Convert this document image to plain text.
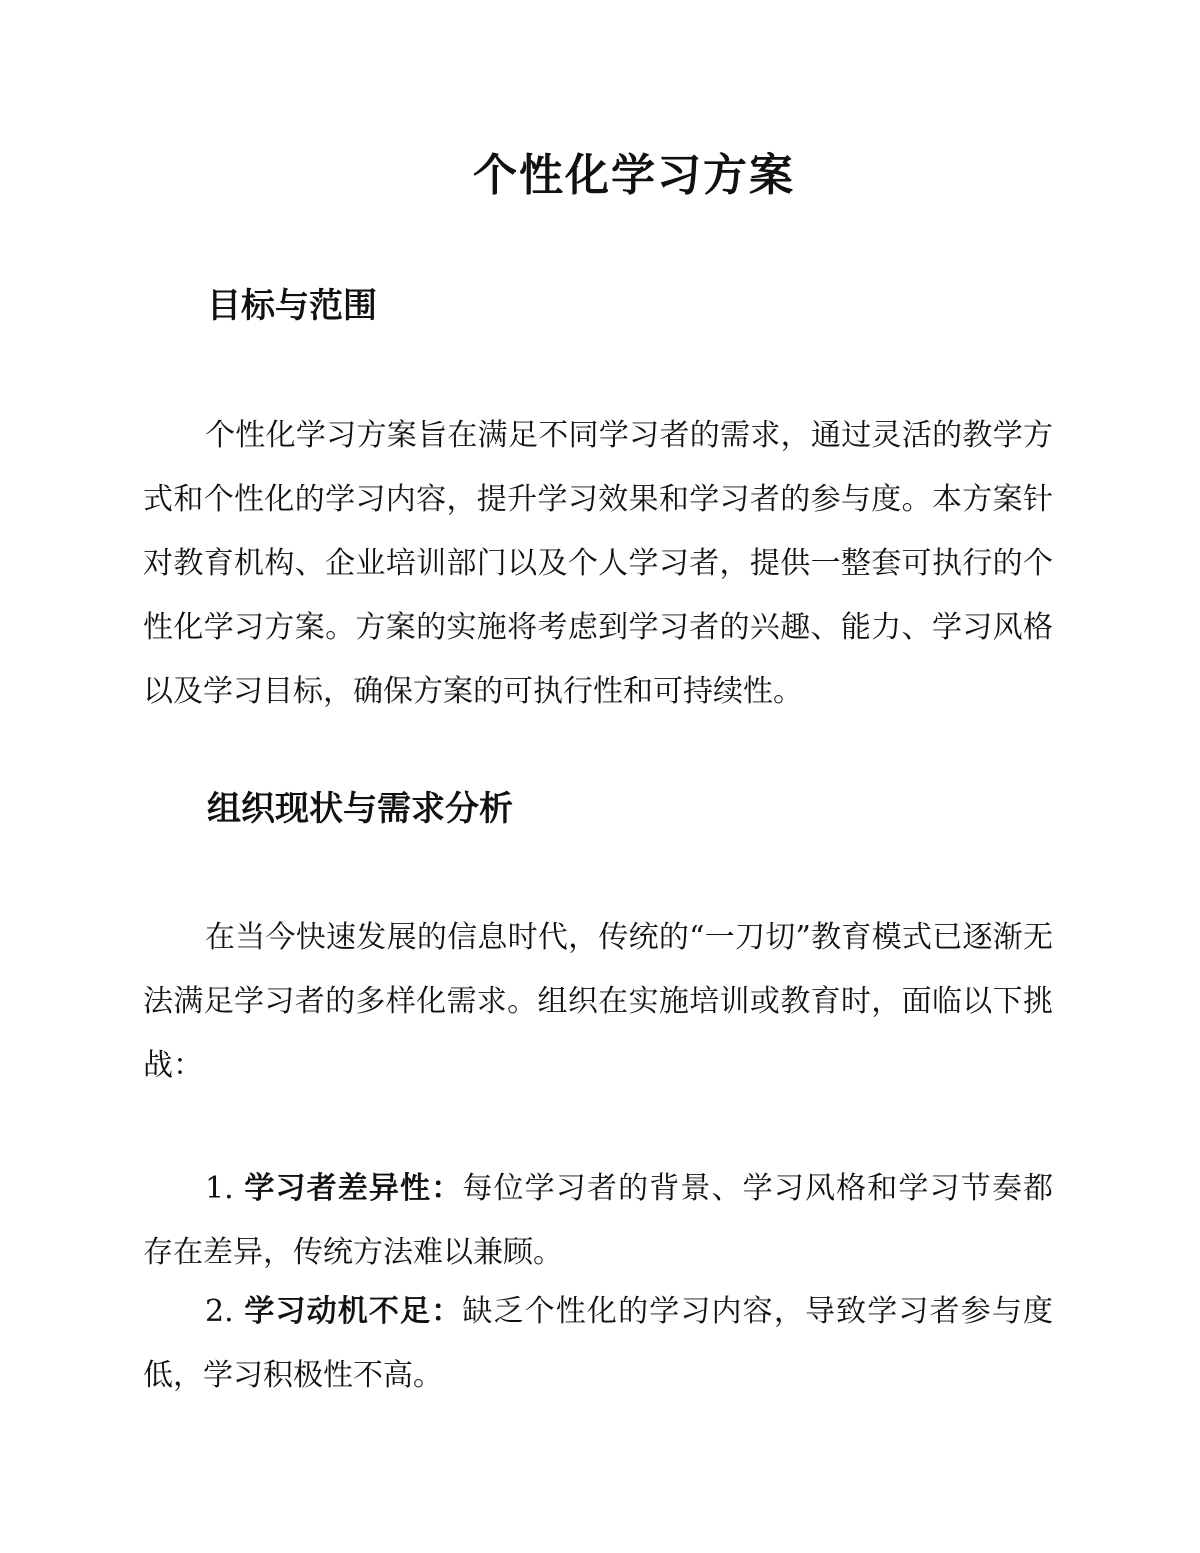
个性化学习方案
目标与范围

个性化学习方案旨在满足不同学习者的需求，通过灵活的教学方式和个性化的学习内容，提升学习效果和学习者的参与度。本方案针对教育机构、企业培训部门以及个人学习者，提供一整套可执行的个性化学习方案。方案的实施将考虑到学习者的兴趣、能力、学习风格以及学习目标，确保方案的可执行性和可持续性。

组织现状与需求分析

在当今快速发展的信息时代，传统的“一刀切”教育模式已逐渐无法满足学习者的多样化需求。组织在实施培训或教育时，面临以下挑战：

1. 学习者差异性：每位学习者的背景、学习风格和学习节奏都存在差异，传统方法难以兼顾。

2. 学习动机不足：缺乏个性化的学习内容，导致学习者参与度低，学习积极性不高。
